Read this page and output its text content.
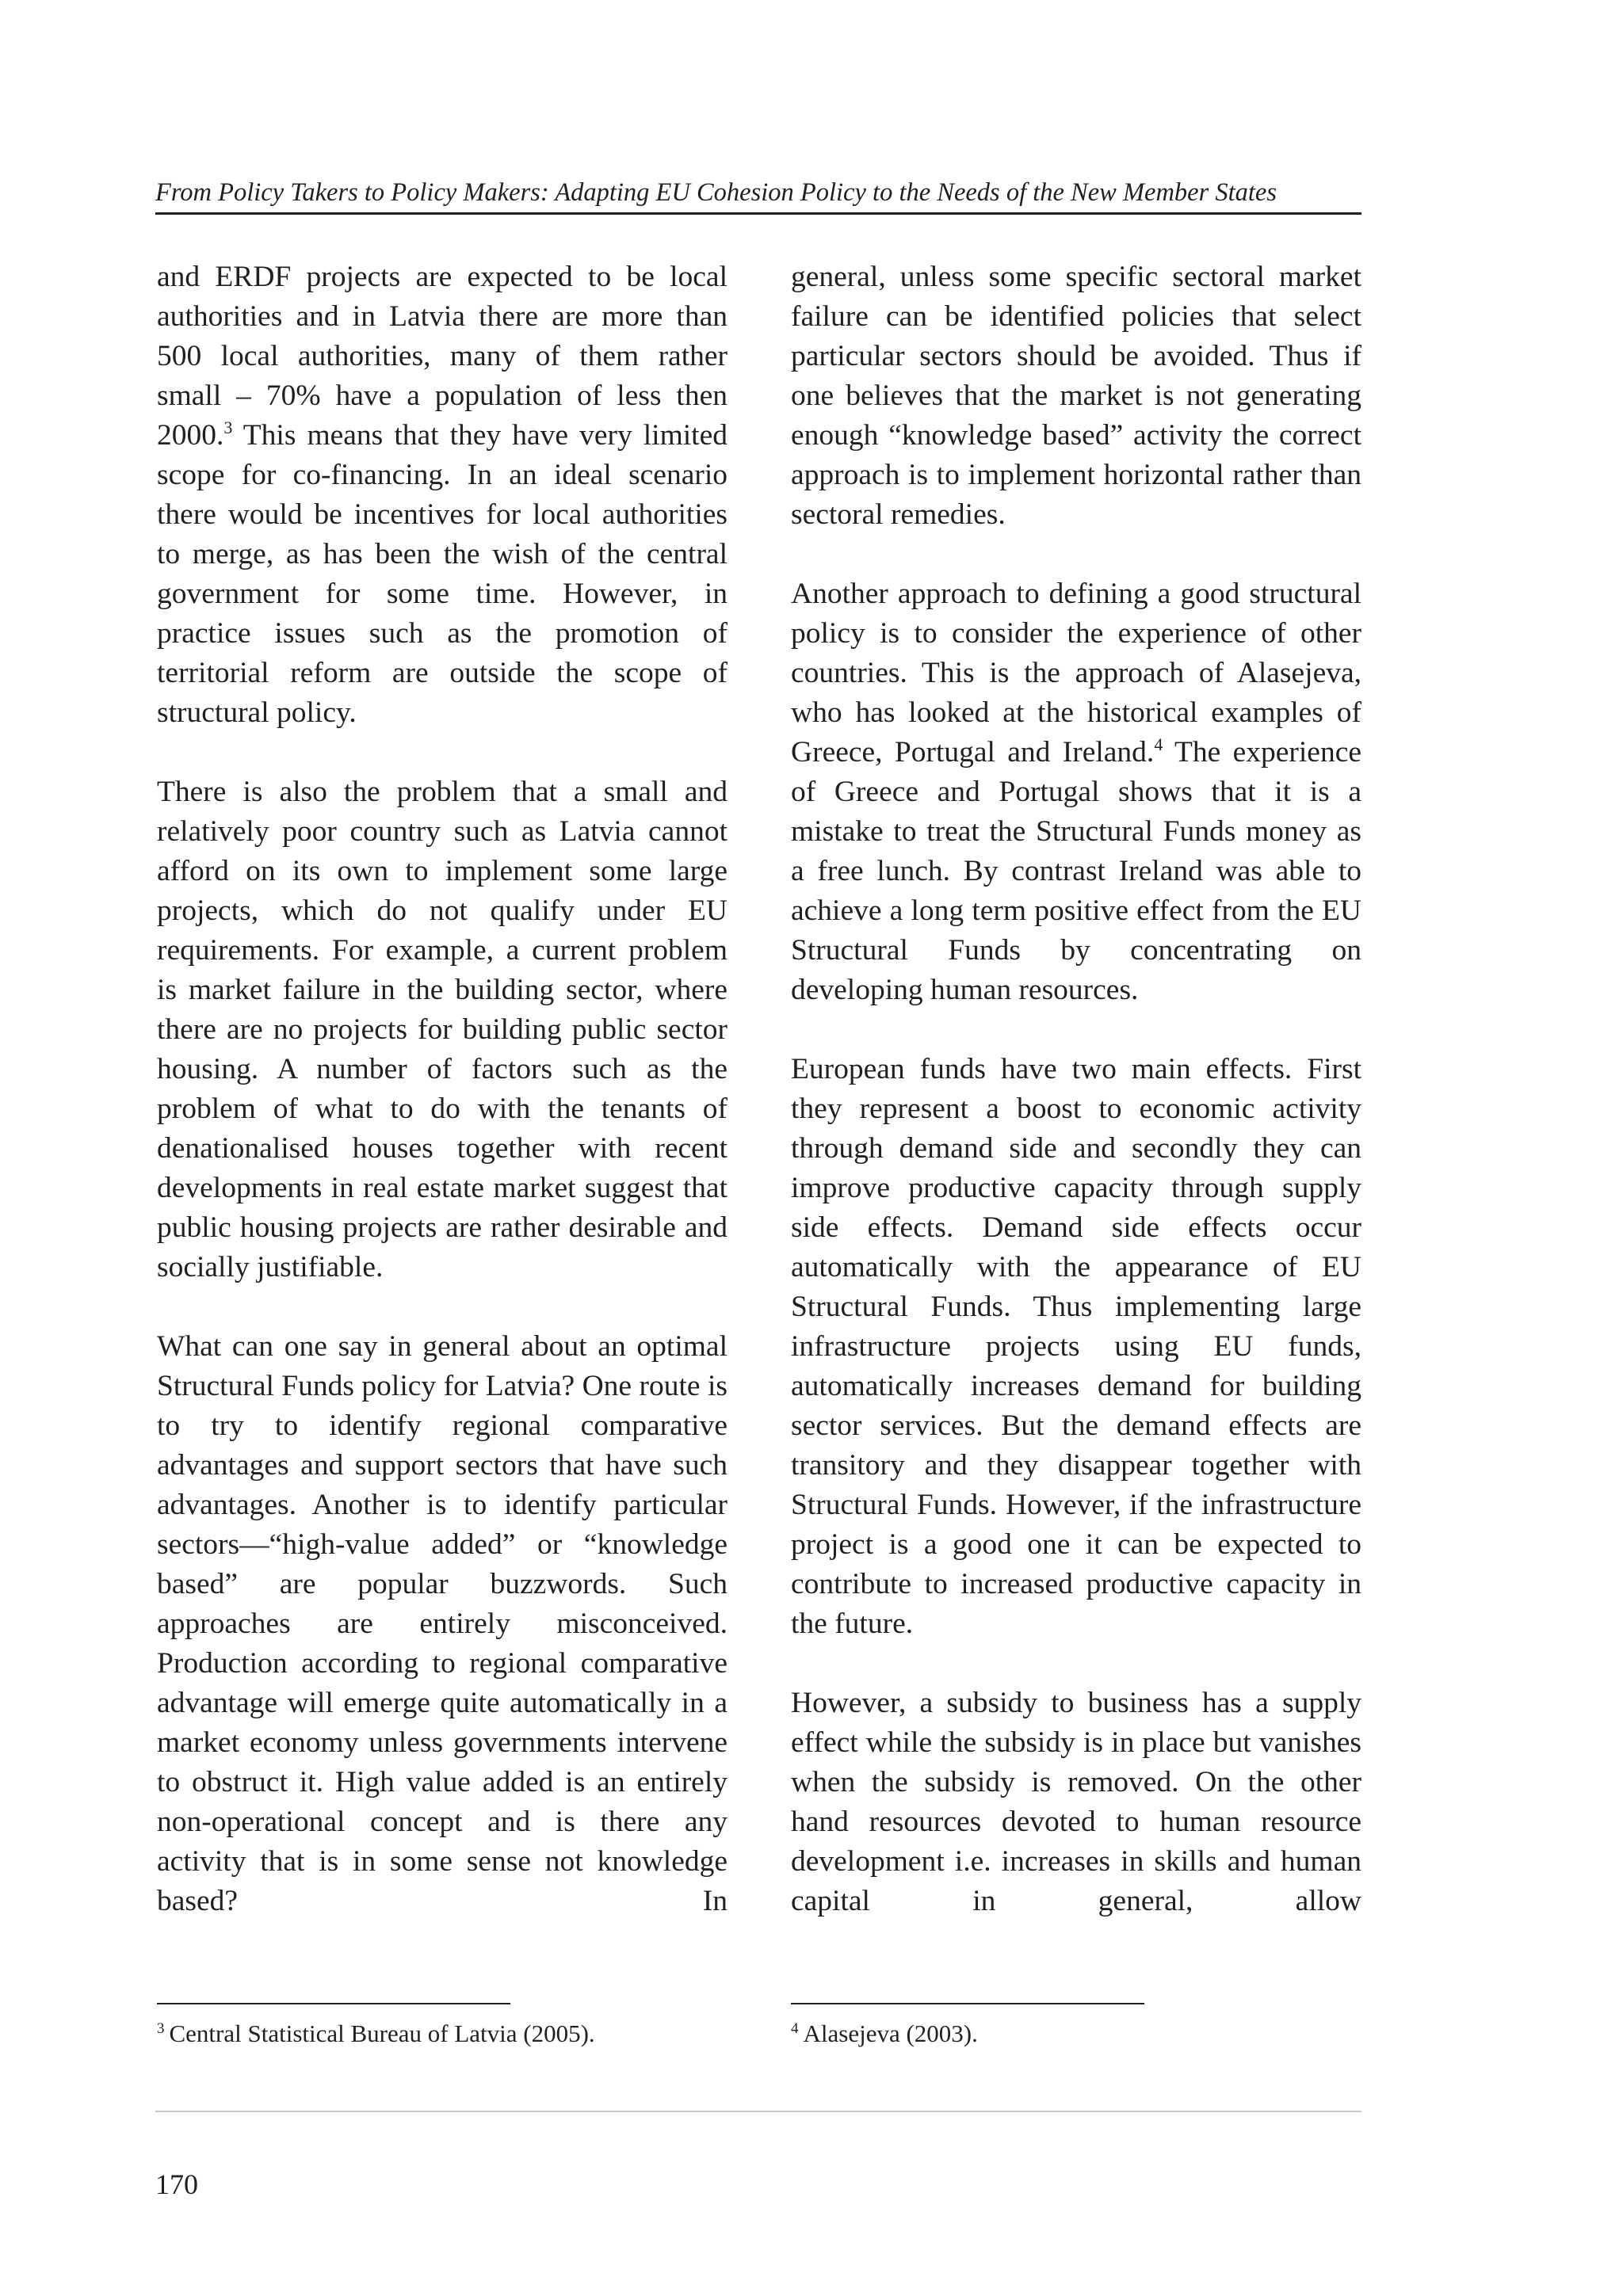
From Policy Takers to Policy Makers: Adapting EU Cohesion Policy to the Needs of the New Member States

and ERDF projects are expected to be local authorities and in Latvia there are more than 500 local authorities, many of them rather small – 70% have a population of less then 2000.$^3$ This means that they have very limited scope for co-financing. In an ideal scenario there would be incentives for local authorities to merge, as has been the wish of the central government for some time. However, in practice issues such as the promotion of territorial reform are outside the scope of structural policy.

There is also the problem that a small and relatively poor country such as Latvia cannot afford on its own to implement some large projects, which do not qualify under EU requirements. For example, a current problem is market failure in the building sector, where there are no projects for building public sector housing. A number of factors such as the problem of what to do with the tenants of denationalised houses together with recent developments in real estate market suggest that public housing projects are rather desirable and socially justifiable.

What can one say in general about an optimal Structural Funds policy for Latvia? One route is to try to identify regional comparative advantages and support sectors that have such advantages. Another is to identify particular sectors—“high-value added” or “knowledge based” are popular buzzwords. Such approaches are entirely misconceived. Production according to regional comparative advantage will emerge quite automatically in a market economy unless governments intervene to obstruct it. High value added is an entirely non-operational concept and is there any activity that is in some sense not knowledge based? In

general, unless some specific sectoral market failure can be identified policies that select particular sectors should be avoided. Thus if one believes that the market is not generating enough “knowledge based” activity the correct approach is to implement horizontal rather than sectoral remedies.

Another approach to defining a good structural policy is to consider the experience of other countries. This is the approach of Alasejeva, who has looked at the historical examples of Greece, Portugal and Ireland.$^4$ The experience of Greece and Portugal shows that it is a mistake to treat the Structural Funds money as a free lunch. By contrast Ireland was able to achieve a long term positive effect from the EU Structural Funds by concentrating on developing human resources.

European funds have two main effects. First they represent a boost to economic activity through demand side and secondly they can improve productive capacity through supply side effects. Demand side effects occur automatically with the appearance of EU Structural Funds. Thus implementing large infrastructure projects using EU funds, automatically increases demand for building sector services. But the demand effects are transitory and they disappear together with Structural Funds. However, if the infrastructure project is a good one it can be expected to contribute to increased productive capacity in the future.

However, a subsidy to business has a supply effect while the subsidy is in place but vanishes when the subsidy is removed. On the other hand resources devoted to human resource development i.e. increases in skills and human capital in general, allow

$^3$ Central Statistical Bureau of Latvia (2005).	$^4$ Alasejeva (2003).
170
